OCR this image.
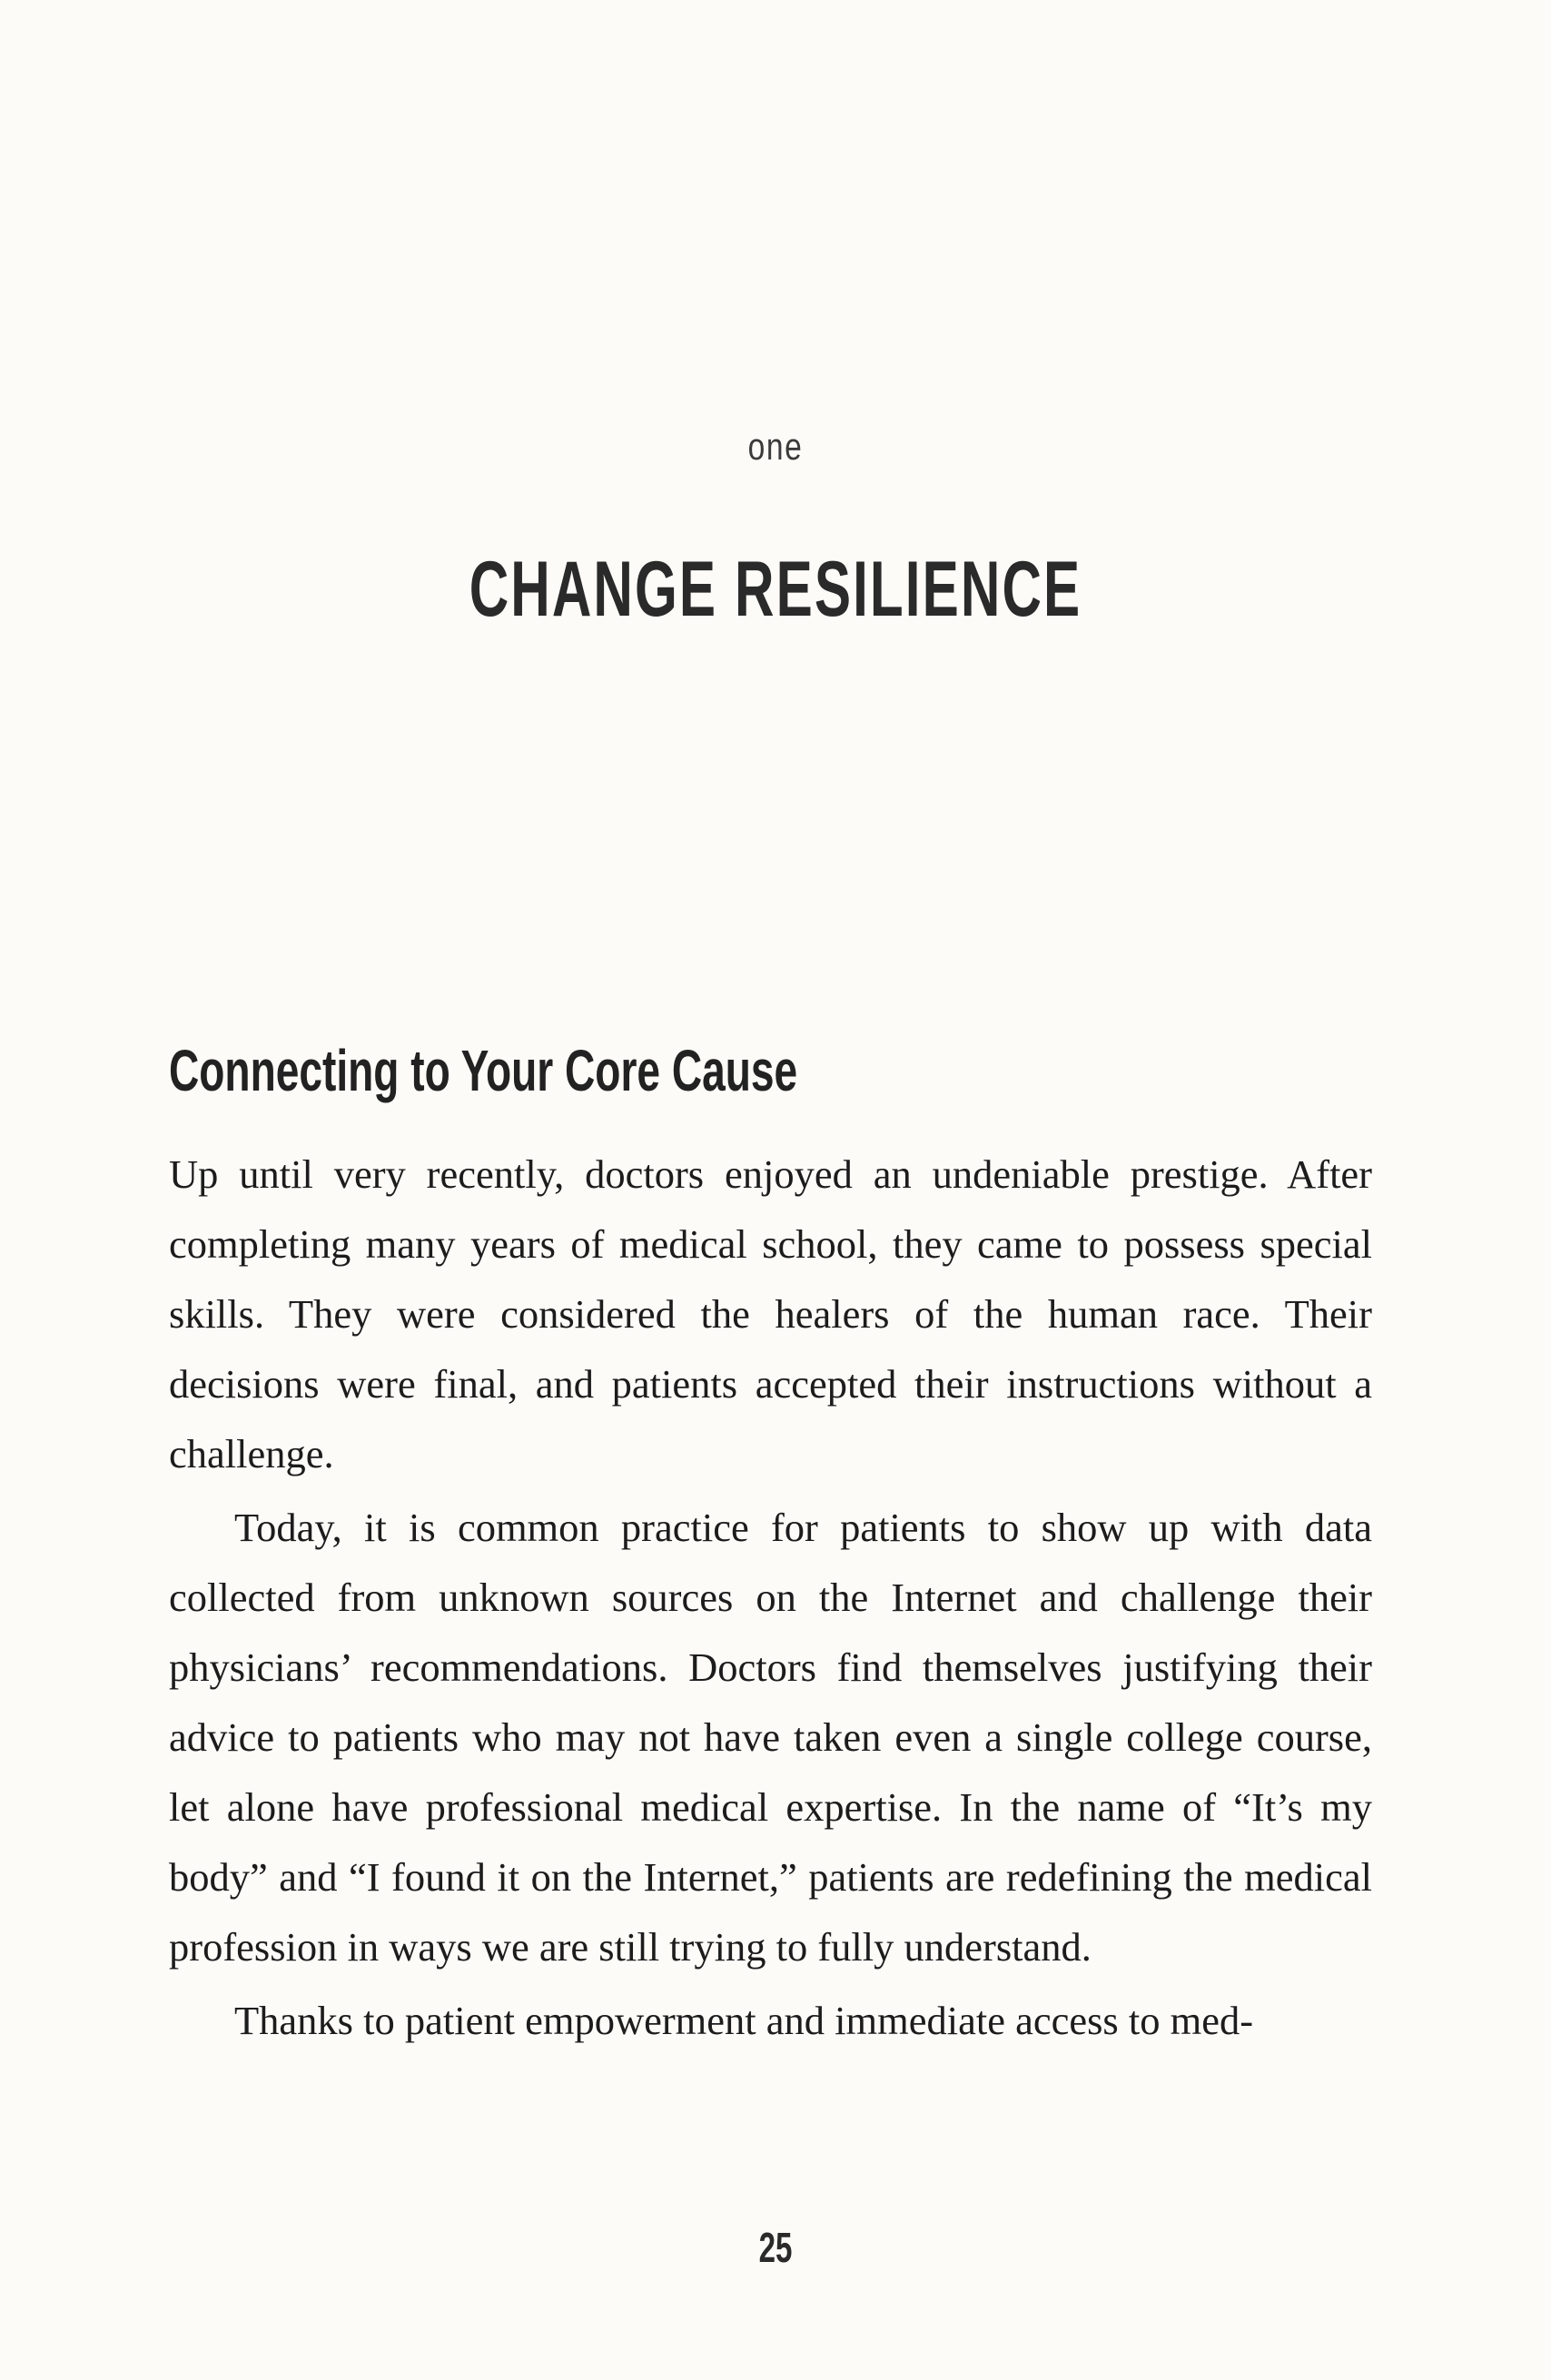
one
CHANGE RESILIENCE
Connecting to Your Core Cause

Up until very recently, doctors enjoyed an undeniable prestige. After completing many years of medical school, they came to possess special skills. They were considered the healers of the human race. Their decisions were final, and patients accepted their instructions without a challenge.

Today, it is common practice for patients to show up with data collected from unknown sources on the Internet and challenge their physicians’ recommendations. Doctors find themselves justifying their advice to patients who may not have taken even a single college course, let alone have professional medical expertise. In the name of “It’s my body” and “I found it on the Internet,” patients are redefining the medical profession in ways we are still trying to fully understand.

Thanks to patient empowerment and immediate access to med-

25
